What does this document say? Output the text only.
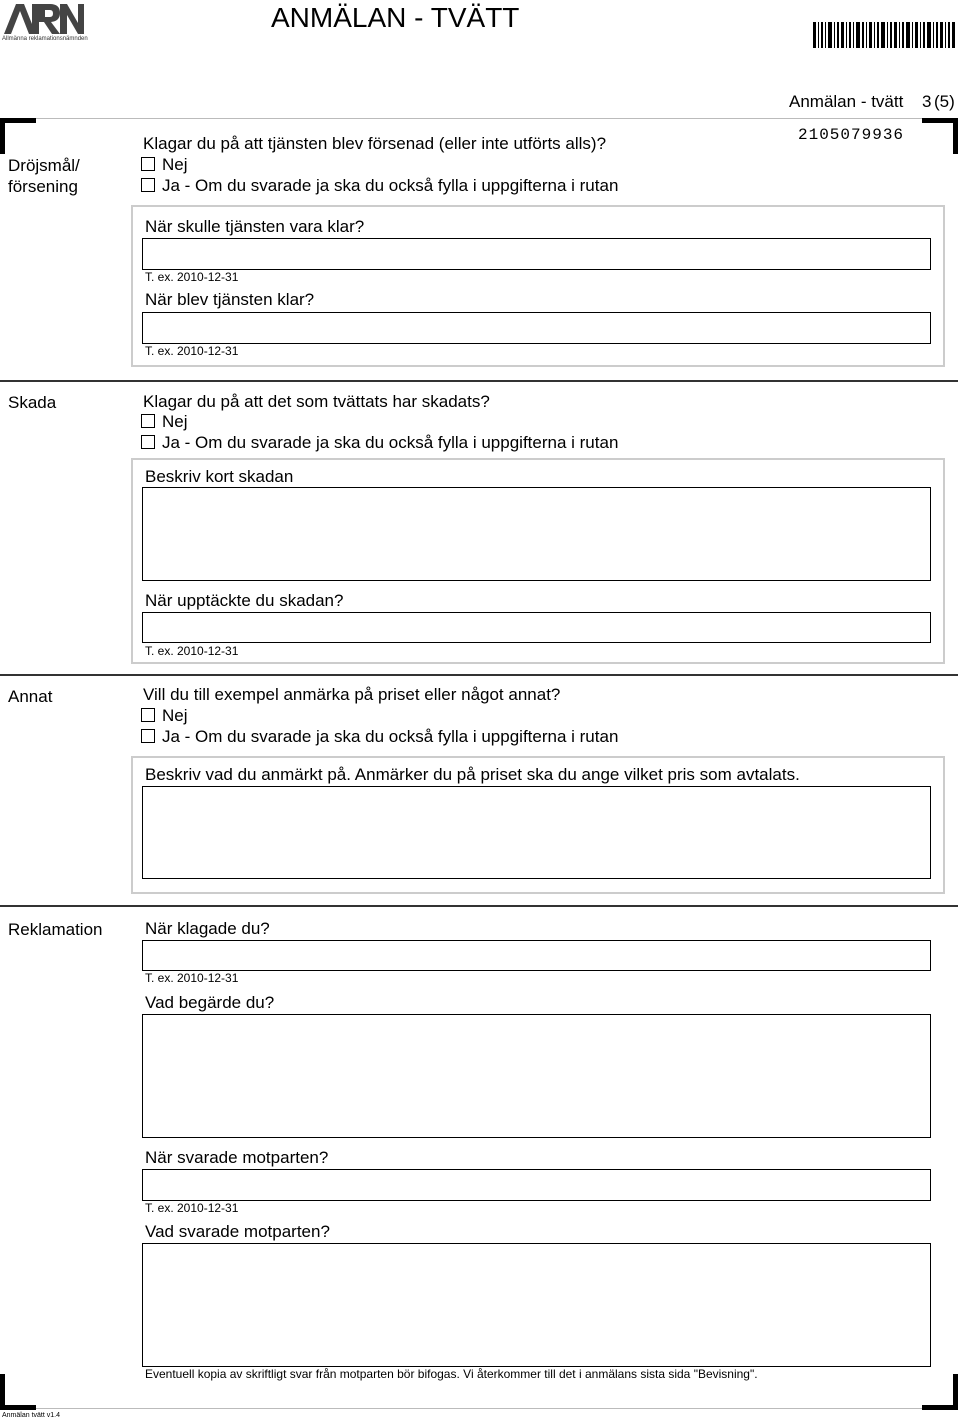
Allmänna reklamationsnämnden
ANMÄLAN - TVÄTT
Anmälan - tvätt 3 (5)
2105079936
Dröjsmål/
försening
Klagar du på att tjänsten blev försenad (eller inte utförts alls)?
Nej
Ja - Om du svarade ja ska du också fylla i uppgifterna i rutan
När skulle tjänsten vara klar?
T. ex. 2010-12-31
När blev tjänsten klar?
T. ex. 2010-12-31
Skada	Klagar du på att det som tvättats har skadats?
Nej
Ja - Om du svarade ja ska du också fylla i uppgifterna i rutan
Beskriv kort skadan
När upptäckte du skadan?
T. ex. 2010-12-31
Annat	Vill du till exempel anmärka på priset eller något annat?
Nej
Ja - Om du svarade ja ska du också fylla i uppgifterna i rutan
Beskriv vad du anmärkt på. Anmärker du på priset ska du ange vilket pris som avtalats.
Reklamation	När klagade du?
T. ex. 2010-12-31
Vad begärde du?
När svarade motparten?
T. ex. 2010-12-31
Vad svarade motparten?
Eventuell kopia av skriftligt svar från motparten bör bifogas. Vi återkommer till det i anmälans sista sida "Bevisning".
Anmälan tvätt v1.4
